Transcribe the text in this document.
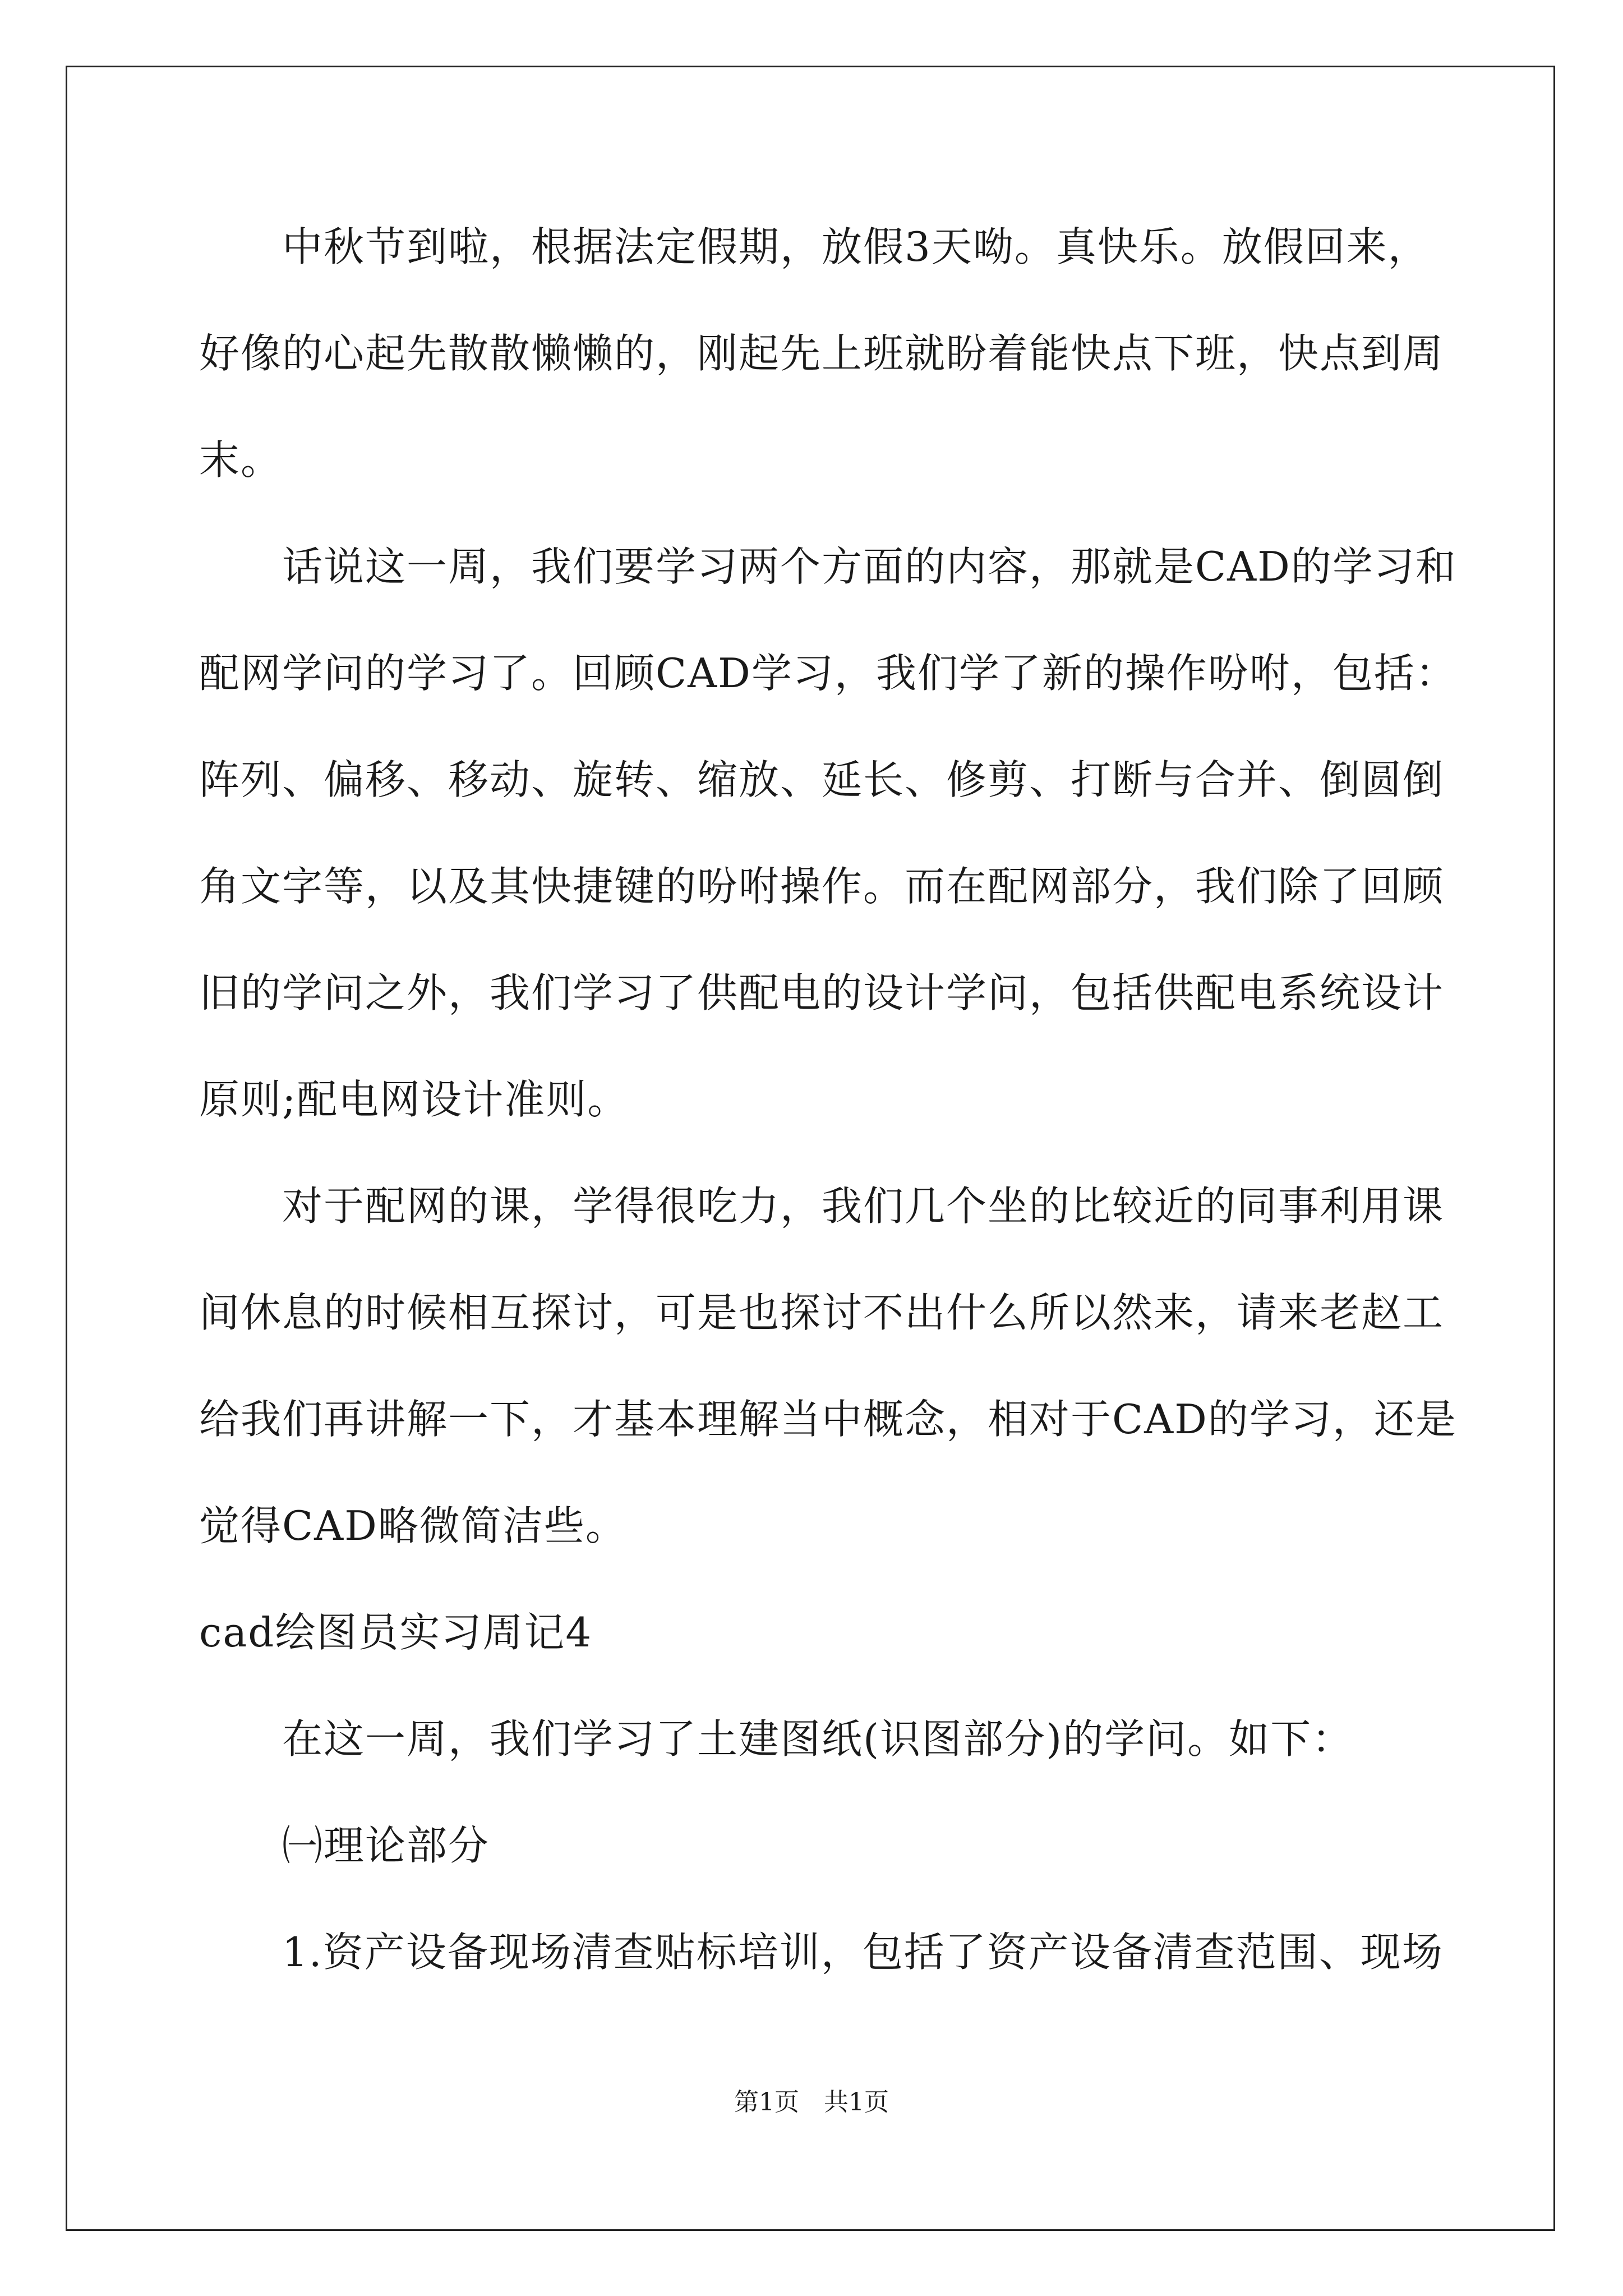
　　中秋节到啦，根据法定假期，放假3天呦。真快乐。放假回来，
好像的心起先散散懒懒的，刚起先上班就盼着能快点下班，快点到周
末。
　　话说这一周，我们要学习两个方面的内容，那就是CAD的学习和
配网学问的学习了。回顾CAD学习，我们学了新的操作吩咐，包括：
阵列、偏移、移动、旋转、缩放、延长、修剪、打断与合并、倒圆倒
角文字等，以及其快捷键的吩咐操作。而在配网部分，我们除了回顾
旧的学问之外，我们学习了供配电的设计学问，包括供配电系统设计
原则;配电网设计准则。
　　对于配网的课，学得很吃力，我们几个坐的比较近的同事利用课
间休息的时候相互探讨，可是也探讨不出什么所以然来，请来老赵工
给我们再讲解一下，才基本理解当中概念，相对于CAD的学习，还是
觉得CAD略微简洁些。
cad绘图员实习周记4
　　在这一周，我们学习了土建图纸(识图部分)的学问。如下：
　　㈠理论部分
　　1.资产设备现场清查贴标培训，包括了资产设备清查范围、现场
第1页　共1页
